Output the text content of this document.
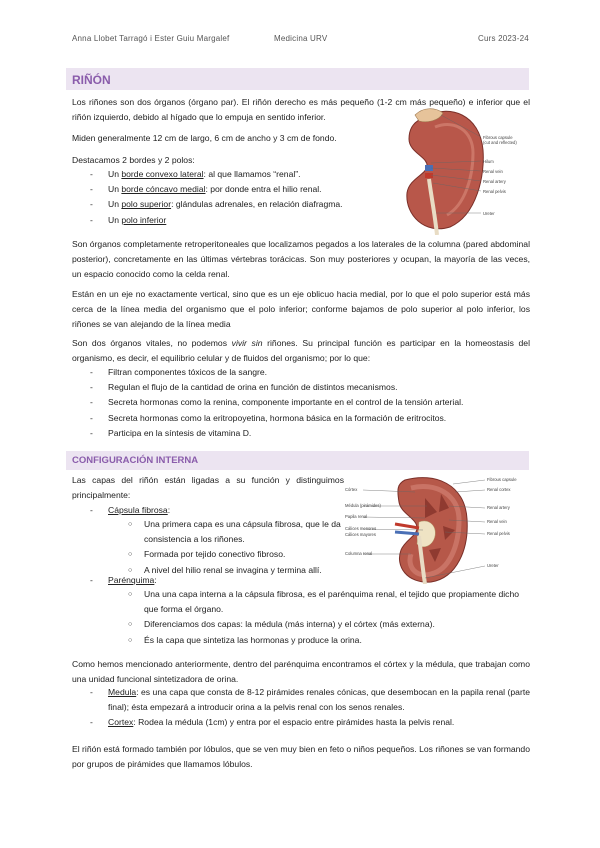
Anna Llobet Tarragó i Ester Guiu Margalef	Medicina URV	Curs 2023-24
RIÑÓN
Los riñones son dos órganos (órgano par). El riñón derecho es más pequeño (1-2 cm más pequeño) e inferior que el riñón izquierdo, debido al hígado que lo empuja en sentido inferior.
Miden generalmente 12 cm de largo, 6 cm de ancho y 3 cm de fondo.
Destacamos 2 bordes y 2 polos:
- Un borde convexo lateral: al que llamamos “renal”.
- Un borde cóncavo medial: por donde entra el hilio renal.
- Un polo superior: glándulas adrenales, en relación diafragma.
- Un polo inferior
Fibrous capsule
(cut and reflected)
Hilum
Renal vein
Renal artery
Renal pelvis
Ureter
Son órganos completamente retroperitoneales que localizamos pegados a los laterales de la columna (pared abdominal posterior), concretamente en las últimas vértebras torácicas. Son muy posteriores y ocupan, la mayoría de las veces, un espacio conocido como la celda renal.
Están en un eje no exactamente vertical, sino que es un eje oblicuo hacia medial, por lo que el polo superior está más cerca de la línea media del organismo que el polo inferior; conforme bajamos de polo superior al polo inferior, los riñones se van alejando de la línea media
Son dos órganos vitales, no podemos vivir sin riñones. Su principal función es participar en la homeostasis del organismo, es decir, el equilibrio celular y de fluidos del organismo; por lo que:
- Filtran componentes tóxicos de la sangre.
- Regulan el flujo de la cantidad de orina en función de distintos mecanismos.
- Secreta hormonas como la renina, componente importante en el control de la tensión arterial.
- Secreta hormonas como la eritropoyetina, hormona básica en la formación de eritrocitos.
- Participa en la síntesis de vitamina D.
CONFIGURACIÓN INTERNA
Las capas del riñón están ligadas a su función y distinguimos principalmente:
- Cápsula fibrosa:
○ Una primera capa es una cápsula fibrosa, que le da consistencia a los riñones.
○ Formada por tejido conectivo fibroso.
○ A nivel del hilio renal se invagina y termina allí.
- Parénquima:
○ Una una capa interna a la cápsula fibrosa, es el parénquima renal, el tejido que propiamente dicho que forma el órgano.
○ Diferenciamos dos capas: la médula (más interna) y el córtex (más externa).
○ És la capa que sintetiza las hormonas y produce la orina.
Córtex
Médula (pirámides)
Papila renal
Cálices menores
Cálices mayores
Columna renal
Fibrous capsule
Renal cortex
Renal artery
Renal vein
Renal pelvis
Ureter
Como hemos mencionado anteriormente, dentro del parénquima encontramos el córtex y la médula, que trabajan como una unidad funcional sintetizadora de orina.
- Medula: es una capa que consta de 8-12 pirámides renales cónicas, que desembocan en la papila renal (parte final); ésta empezará a introducir orina a la pelvis renal con los senos renales.
- Cortex: Rodea la médula (1cm) y entra por el espacio entre pirámides hasta la pelvis renal.
El riñón está formado también por lóbulos, que se ven muy bien en feto o niños pequeños. Los riñones se van formando por grupos de pirámides que llamamos lóbulos.
